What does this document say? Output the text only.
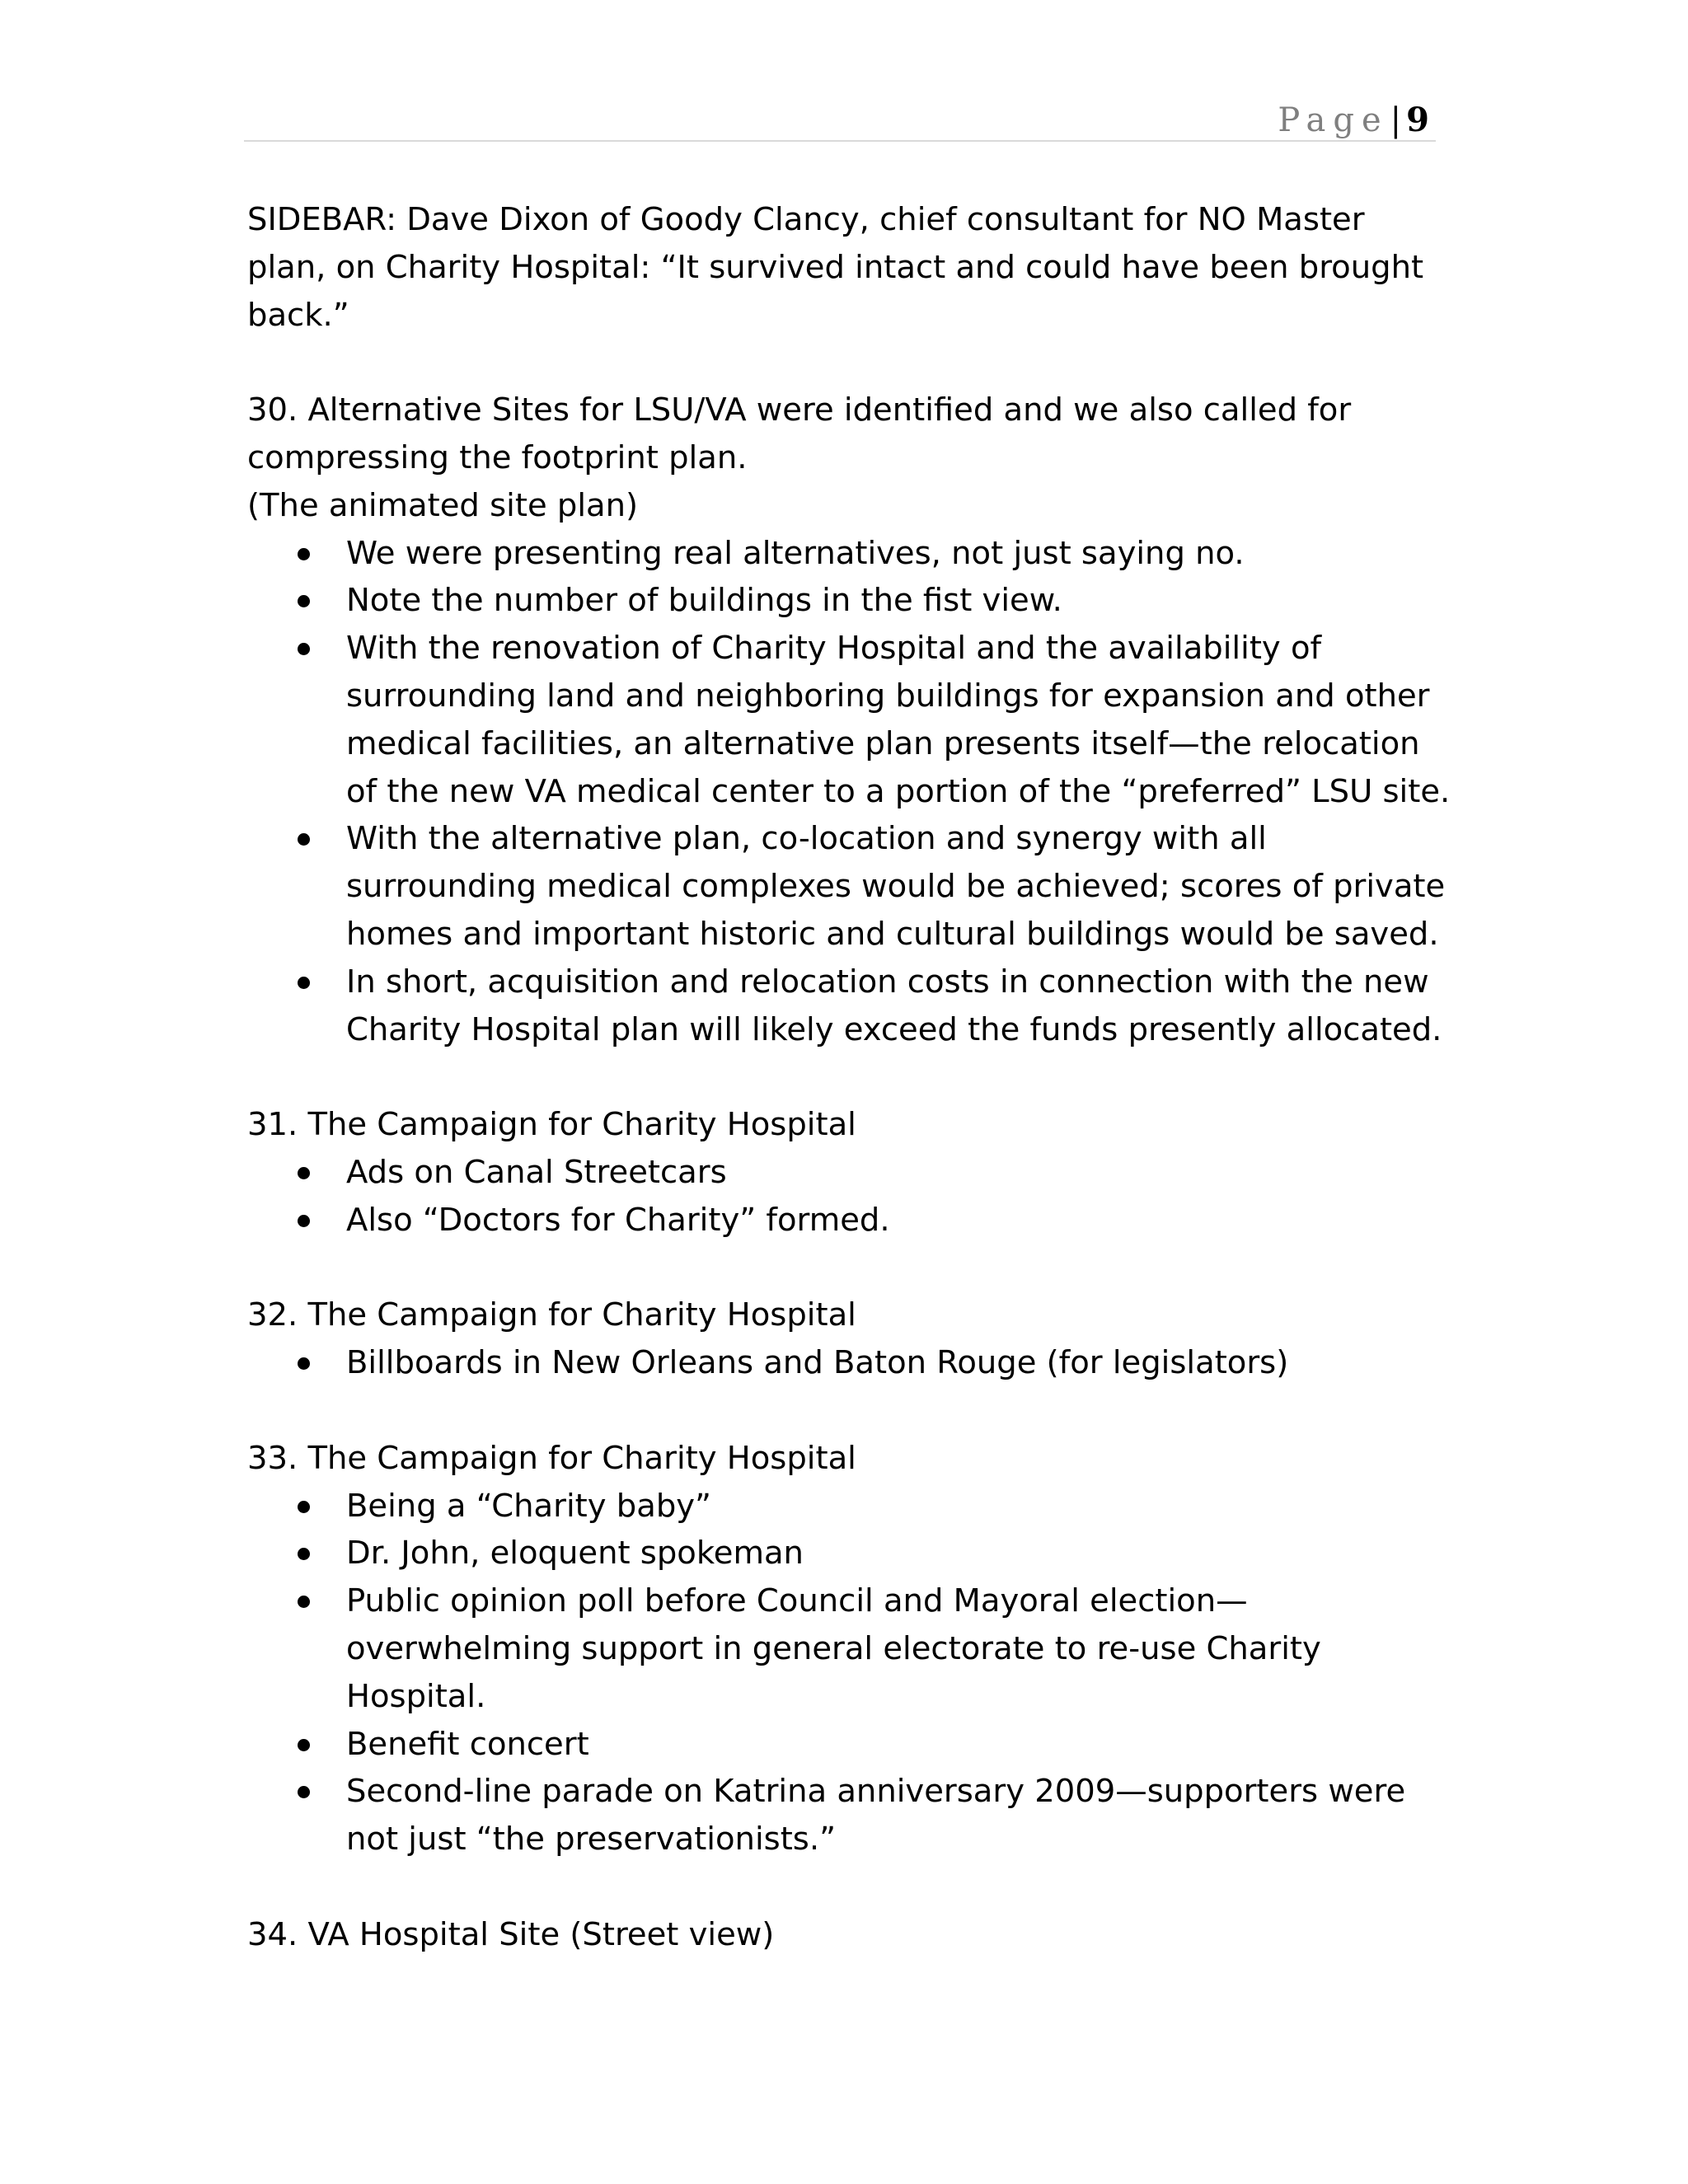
Page| 9

SIDEBAR: Dave Dixon of Goody Clancy, chief consultant for NO Master plan, on Charity Hospital: “It survived intact and could have been brought back.”

30. Alternative Sites for LSU/VA were identified and we also called for compressing the footprint plan.

(The animated site plan)

We were presenting real alternatives, not just saying no.
Note the number of buildings in the fist view.
With the renovation of Charity Hospital and the availability of surrounding land and neighboring buildings for expansion and other medical facilities, an alternative plan presents itself—the relocation of the new VA medical center to a portion of the “preferred” LSU site.
With the alternative plan, co-location and synergy with all surrounding medical complexes would be achieved; scores of private homes and important historic and cultural buildings would be saved.
In short, acquisition and relocation costs in connection with the new Charity Hospital plan will likely exceed the funds presently allocated.

31. The Campaign for Charity Hospital

Ads on Canal Streetcars
Also “Doctors for Charity” formed.

32. The Campaign for Charity Hospital

Billboards in New Orleans and Baton Rouge (for legislators)

33. The Campaign for Charity Hospital

Being a “Charity baby”
Dr. John, eloquent spokeman
Public opinion poll before Council and Mayoral election—overwhelming support in general electorate to re-use Charity Hospital.
Benefit concert
Second-line parade on Katrina anniversary 2009—supporters were not just “the preservationists.”

34. VA Hospital Site (Street view)
